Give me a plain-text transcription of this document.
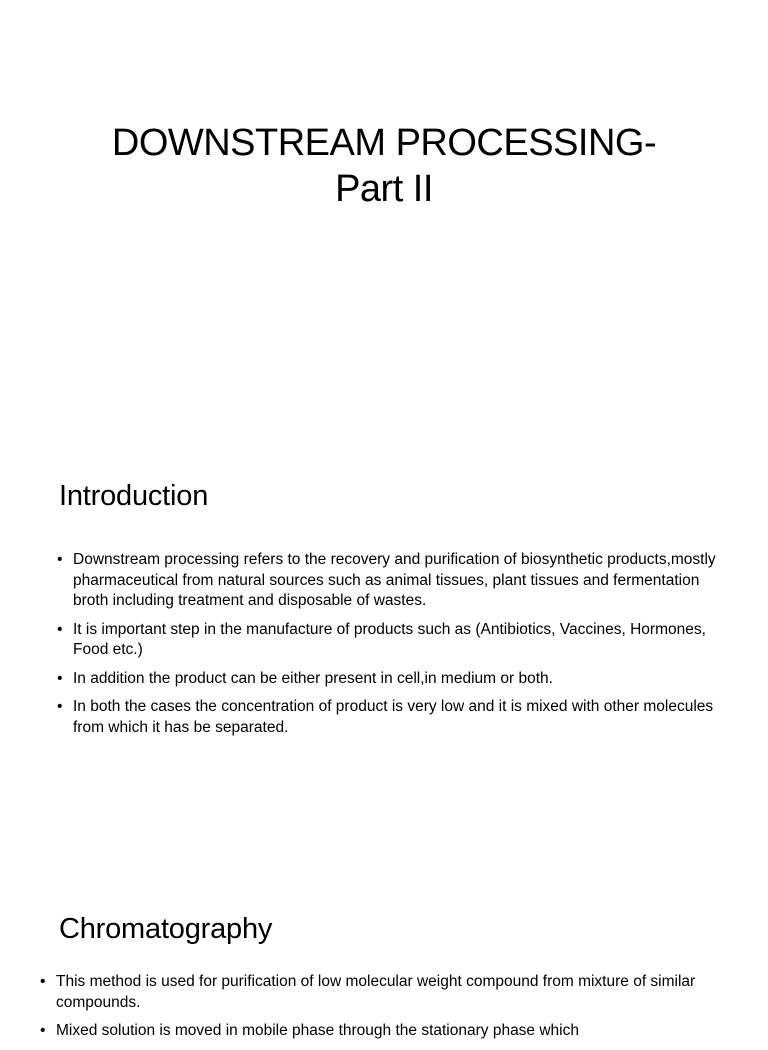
DOWNSTREAM PROCESSING-
Part II
Introduction
• Downstream processing refers to the recovery and purification of biosynthetic products,mostly pharmaceutical from natural sources such as animal tissues, plant tissues and fermentation broth including treatment and disposable of wastes.
• It is important step in the manufacture of products such as (Antibiotics, Vaccines, Hormones, Food etc.)
• In addition the product can be either present in cell,in medium or both.
• In both the cases the concentration of product is very low and it is mixed with other molecules from which it has be separated.
Chromatography
• This method is used for purification of low molecular weight compound from mixture of similar compounds.
• Mixed solution is moved in mobile phase through the stationary phase which
